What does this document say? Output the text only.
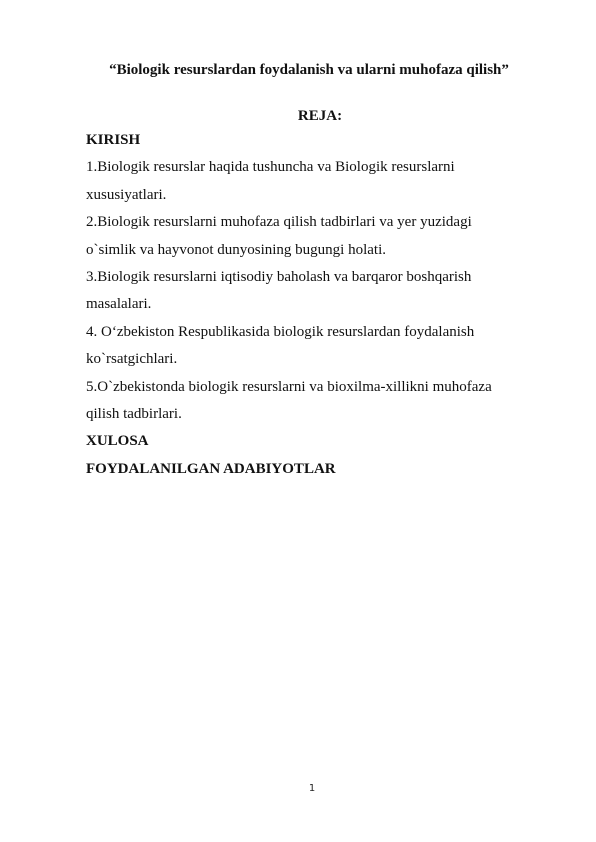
“Biologik resurslardan foydalanish va ularni muhofaza qilish”
REJA:
KIRISH
1.Biologik resurslar haqida tushuncha va Biologik resurslarni
xususiyatlari.
2.Biologik resurslarni muhofaza qilish tadbirlari va yer yuzidagi
o`simlik va hayvonot dunyosining bugungi holati.
3.Biologik resurslarni iqtisodiy baholash va barqaror boshqarish
masalalari.
4. O‘zbekiston Respublikasida biologik resurslardan foydalanish
ko`rsatgichlari.
5.O`zbekistonda biologik resurslarni va bioxilma-xillikni muhofaza
qilish tadbirlari.
XULOSA
FOYDALANILGAN ADABIYOTLAR
1
